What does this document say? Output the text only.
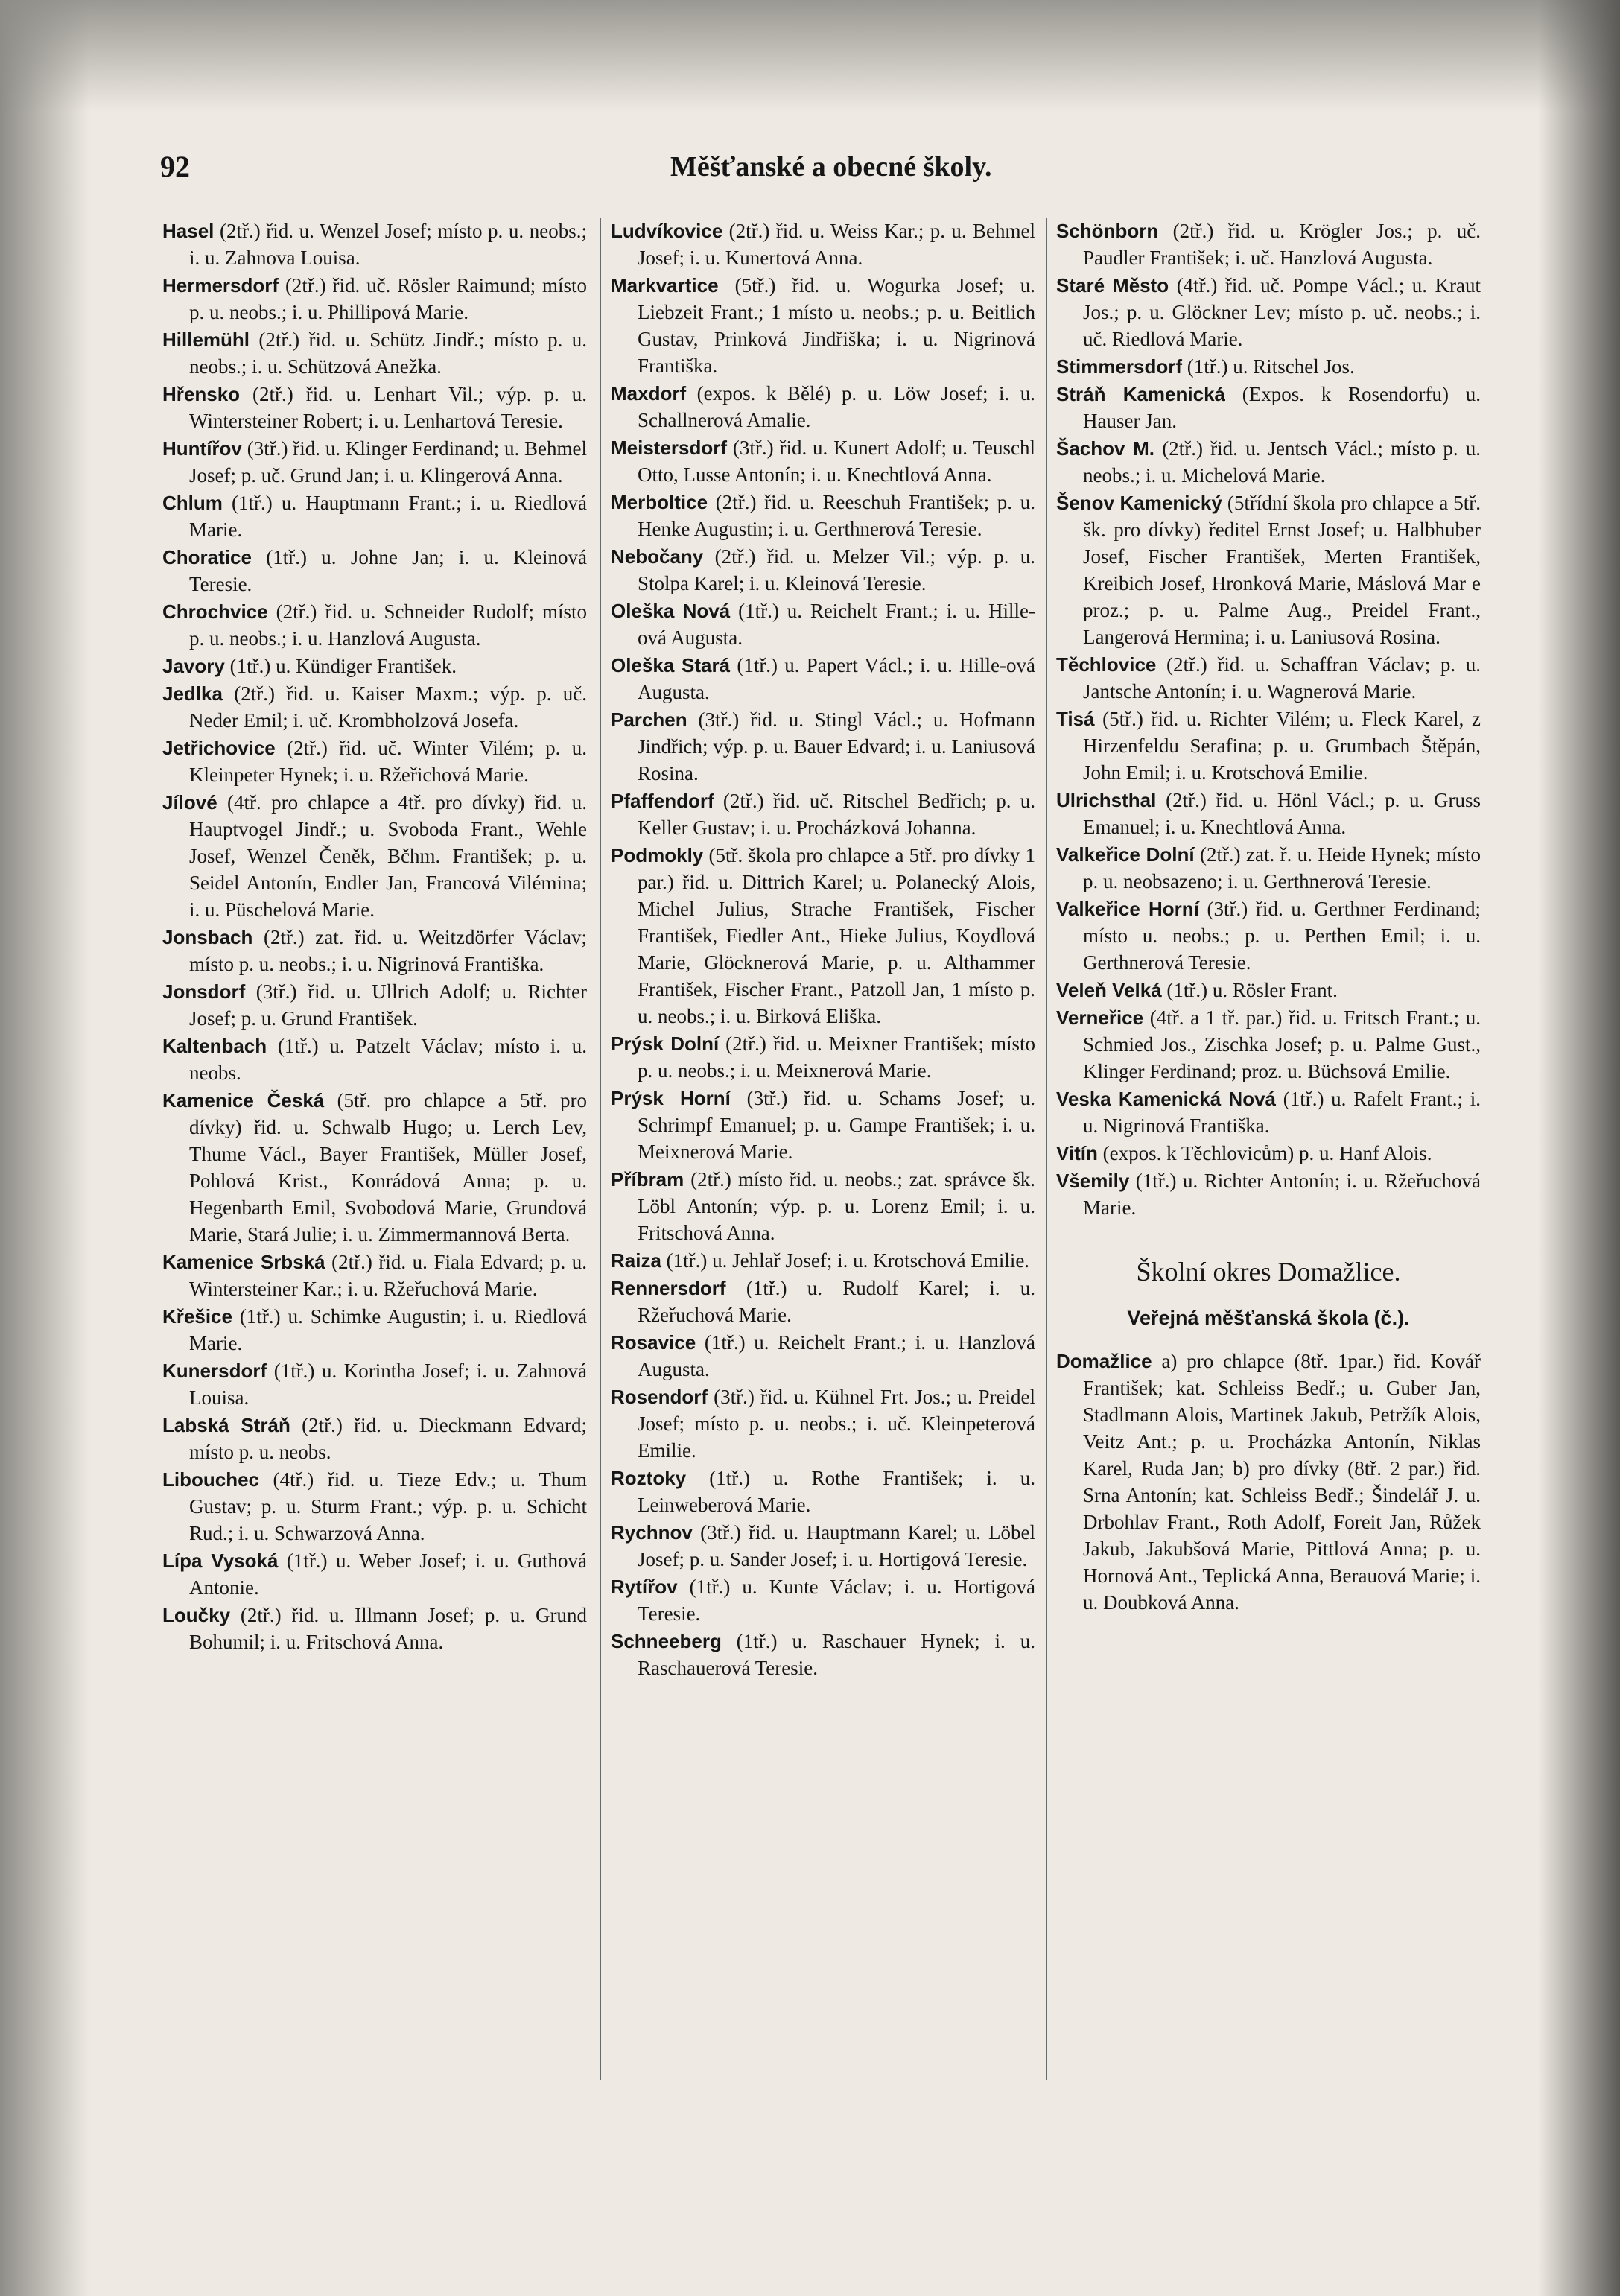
92	Měšťanské a obecné školy.

Hasel (2tř.) řid. u. Wenzel Josef; místo p. u. neobs.; i. u. Zahnova Louisa.

Hermersdorf (2tř.) řid. uč. Rösler Raimund; místo p. u. neobs.; i. u. Phillipová Marie.

Hillemühl (2tř.) řid. u. Schütz Jindř.; místo p. u. neobs.; i. u. Schützová Anežka.

Hřensko (2tř.) řid. u. Lenhart Vil.; výp. p. u. Wintersteiner Robert; i. u. Lenhartová Teresie.

Huntířov (3tř.) řid. u. Klinger Ferdinand; u. Behmel Josef; p. uč. Grund Jan; i. u. Klingerová Anna.

Chlum (1tř.) u. Hauptmann Frant.; i. u. Riedlová Marie.

Choratice (1tř.) u. Johne Jan; i. u. Kleinová Teresie.

Chrochvice (2tř.) řid. u. Schneider Rudolf; místo p. u. neobs.; i. u. Hanzlová Augusta.

Javory (1tř.) u. Kündiger František.

Jedlka (2tř.) řid. u. Kaiser Maxm.; výp. p. uč. Neder Emil; i. uč. Krombholzová Josefa.

Jetřichovice (2tř.) řid. uč. Winter Vilém; p. u. Kleinpeter Hynek; i. u. Ržeřichová Marie.

Jílové (4tř. pro chlapce a 4tř. pro dívky) řid. u. Hauptvogel Jindř.; u. Svoboda Frant., Wehle Josef, Wenzel Čeněk, Bčhm. František; p. u. Seidel Antonín, Endler Jan, Francová Vilémina; i. u. Püschelová Marie.

Jonsbach (2tř.) zat. řid. u. Weitzdörfer Václav; místo p. u. neobs.; i. u. Nigrinová Františka.

Jonsdorf (3tř.) řid. u. Ullrich Adolf; u. Richter Josef; p. u. Grund František.

Kaltenbach (1tř.) u. Patzelt Václav; místo i. u. neobs.

Kamenice Česká (5tř. pro chlapce a 5tř. pro dívky) řid. u. Schwalb Hugo; u. Lerch Lev, Thume Václ., Bayer František, Müller Josef, Pohlová Krist., Konrádová Anna; p. u. Hegenbarth Emil, Svobodová Marie, Grundová Marie, Stará Julie; i. u. Zimmermannová Berta.

Kamenice Srbská (2tř.) řid. u. Fiala Edvard; p. u. Wintersteiner Kar.; i. u. Ržeřuchová Marie.

Křešice (1tř.) u. Schimke Augustin; i. u. Riedlová Marie.

Kunersdorf (1tř.) u. Korintha Josef; i. u. Zahnová Louisa.

Labská Stráň (2tř.) řid. u. Dieckmann Edvard; místo p. u. neobs.

Libouchec (4tř.) řid. u. Tieze Edv.; u. Thum Gustav; p. u. Sturm Frant.; výp. p. u. Schicht Rud.; i. u. Schwarzová Anna.

Lípa Vysoká (1tř.) u. Weber Josef; i. u. Guthová Antonie.

Loučky (2tř.) řid. u. Illmann Josef; p. u. Grund Bohumil; i. u. Fritschová Anna.

Ludvíkovice (2tř.) řid. u. Weiss Kar.; p. u. Behmel Josef; i. u. Kunertová Anna.

Markvartice (5tř.) řid. u. Wogurka Josef; u. Liebzeit Frant.; 1 místo u. neobs.; p. u. Beitlich Gustav, Prinková Jindřiška; i. u. Nigrinová Františka.

Maxdorf (expos. k Bělé) p. u. Löw Josef; i. u. Schallnerová Amalie.

Meistersdorf (3tř.) řid. u. Kunert Adolf; u. Teuschl Otto, Lusse Antonín; i. u. Knechtlová Anna.

Merboltice (2tř.) řid. u. Reeschuh František; p. u. Henke Augustin; i. u. Gerthnerová Teresie.

Nebočany (2tř.) řid. u. Melzer Vil.; výp. p. u. Stolpa Karel; i. u. Kleinová Teresie.

Oleška Nová (1tř.) u. Reichelt Frant.; i. u. Hille-ová Augusta.

Oleška Stará (1tř.) u. Papert Václ.; i. u. Hille-ová Augusta.

Parchen (3tř.) řid. u. Stingl Václ.; u. Hofmann Jindřich; výp. p. u. Bauer Edvard; i. u. Laniusová Rosina.

Pfaffendorf (2tř.) řid. uč. Ritschel Bedřich; p. u. Keller Gustav; i. u. Procházková Johanna.

Podmokly (5tř. škola pro chlapce a 5tř. pro dívky 1 par.) řid. u. Dittrich Karel; u. Polanecký Alois, Michel Julius, Strache František, Fischer František, Fiedler Ant., Hieke Julius, Koydlová Marie, Glöcknerová Marie, p. u. Althammer František, Fischer Frant., Patzoll Jan, 1 místo p. u. neobs.; i. u. Birková Eliška.

Prýsk Dolní (2tř.) řid. u. Meixner František; místo p. u. neobs.; i. u. Meixnerová Marie.

Prýsk Horní (3tř.) řid. u. Schams Josef; u. Schrimpf Emanuel; p. u. Gampe František; i. u. Meixnerová Marie.

Příbram (2tř.) místo řid. u. neobs.; zat. správce šk. Löbl Antonín; výp. p. u. Lorenz Emil; i. u. Fritschová Anna.

Raiza (1tř.) u. Jehlař Josef; i. u. Krotschová Emilie.

Rennersdorf (1tř.) u. Rudolf Karel; i. u. Ržeřuchová Marie.

Rosavice (1tř.) u. Reichelt Frant.; i. u. Hanzlová Augusta.

Rosendorf (3tř.) řid. u. Kühnel Frt. Jos.; u. Preidel Josef; místo p. u. neobs.; i. uč. Kleinpeterová Emilie.

Roztoky (1tř.) u. Rothe František; i. u. Leinweberová Marie.

Rychnov (3tř.) řid. u. Hauptmann Karel; u. Löbel Josef; p. u. Sander Josef; i. u. Hortigová Teresie.

Rytířov (1tř.) u. Kunte Václav; i. u. Hortigová Teresie.

Schneeberg (1tř.) u. Raschauer Hynek; i. u. Raschauerová Teresie.

Schönborn (2tř.) řid. u. Krögler Jos.; p. uč. Paudler František; i. uč. Hanzlová Augusta.

Staré Město (4tř.) řid. uč. Pompe Václ.; u. Kraut Jos.; p. u. Glöckner Lev; místo p. uč. neobs.; i. uč. Riedlová Marie.

Stimmersdorf (1tř.) u. Ritschel Jos.

Stráň Kamenická (Expos. k Rosendorfu) u. Hauser Jan.

Šachov M. (2tř.) řid. u. Jentsch Václ.; místo p. u. neobs.; i. u. Michelová Marie.

Šenov Kamenický (5třídní škola pro chlapce a 5tř. šk. pro dívky) ředitel Ernst Josef; u. Halbhuber Josef, Fischer František, Merten František, Kreibich Josef, Hronková Marie, Máslová Mar e proz.; p. u. Palme Aug., Preidel Frant., Langerová Hermina; i. u. Laniusová Rosina.

Těchlovice (2tř.) řid. u. Schaffran Václav; p. u. Jantsche Antonín; i. u. Wagnerová Marie.

Tisá (5tř.) řid. u. Richter Vilém; u. Fleck Karel, z Hirzenfeldu Serafina; p. u. Grumbach Štěpán, John Emil; i. u. Krotschová Emilie.

Ulrichsthal (2tř.) řid. u. Hönl Václ.; p. u. Gruss Emanuel; i. u. Knechtlová Anna.

Valkeřice Dolní (2tř.) zat. ř. u. Heide Hynek; místo p. u. neobsazeno; i. u. Gerthnerová Teresie.

Valkeřice Horní (3tř.) řid. u. Gerthner Ferdinand; místo u. neobs.; p. u. Perthen Emil; i. u. Gerthnerová Teresie.

Veleň Velká (1tř.) u. Rösler Frant.

Verneřice (4tř. a 1 tř. par.) řid. u. Fritsch Frant.; u. Schmied Jos., Zischka Josef; p. u. Palme Gust., Klinger Ferdinand; proz. u. Büchsová Emilie.

Veska Kamenická Nová (1tř.) u. Rafelt Frant.; i. u. Nigrinová Františka.

Vitín (expos. k Těchlovicům) p. u. Hanf Alois.

Všemily (1tř.) u. Richter Antonín; i. u. Ržeřuchová Marie.

Školní okres Domažlice.
Veřejná měšťanská škola (č.).

Domažlice a) pro chlapce (8tř. 1par.) řid. Kovář František; kat. Schleiss Bedř.; u. Guber Jan, Stadlmann Alois, Martinek Jakub, Petržík Alois, Veitz Ant.; p. u. Procházka Antonín, Niklas Karel, Ruda Jan; b) pro dívky (8tř. 2 par.) řid. Srna Antonín; kat. Schleiss Bedř.; Šindelář J. u. Drbohlav Frant., Roth Adolf, Foreit Jan, Růžek Jakub, Jakubšová Marie, Pittlová Anna; p. u. Hornová Ant., Teplická Anna, Berauová Marie; i. u. Doubková Anna.
